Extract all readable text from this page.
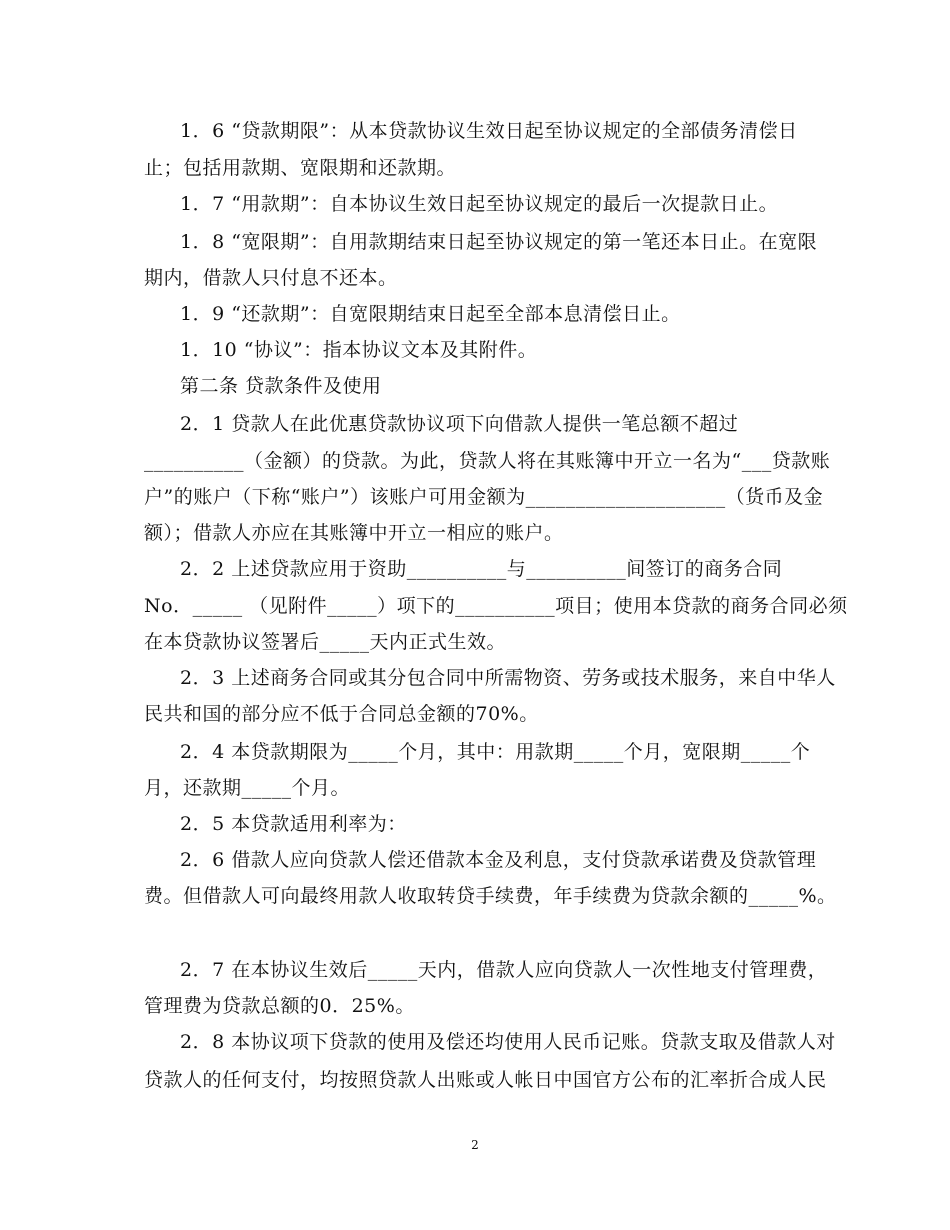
1．6 “贷款期限”：从本贷款协议生效日起至协议规定的全部债务清偿日
止；包括用款期、宽限期和还款期。
1．7 “用款期”：自本协议生效日起至协议规定的最后一次提款日止。
1．8 “宽限期”：自用款期结束日起至协议规定的第一笔还本日止。在宽限
期内，借款人只付息不还本。
1．9 “还款期”：自宽限期结束日起至全部本息清偿日止。
1．10 “协议”：指本协议文本及其附件。
第二条 贷款条件及使用
2．1 贷款人在此优惠贷款协议项下向借款人提供一笔总额不超过
__________（金额）的贷款。为此，贷款人将在其账簿中开立一名为“___贷款账
户”的账户（下称“账户”）该账户可用金额为____________________（货币及金
额）；借款人亦应在其账簿中开立一相应的账户。
2．2 上述贷款应用于资助__________与__________间签订的商务合同
No．_____ （见附件_____）项下的__________项目；使用本贷款的商务合同必须
在本贷款协议签署后_____天内正式生效。
2．3 上述商务合同或其分包合同中所需物资、劳务或技术服务，来自中华人
民共和国的部分应不低于合同总金额的70%。
2．4 本贷款期限为_____个月，其中：用款期_____个月，宽限期_____个
月，还款期_____个月。
2．5 本贷款适用利率为：
2．6 借款人应向贷款人偿还借款本金及利息，支付贷款承诺费及贷款管理
费。但借款人可向最终用款人收取转贷手续费，年手续费为贷款余额的_____%。
2．7 在本协议生效后_____天内，借款人应向贷款人一次性地支付管理费，
管理费为贷款总额的0．25%。
2．8 本协议项下贷款的使用及偿还均使用人民币记账。贷款支取及借款人对
贷款人的任何支付，均按照贷款人出账或人帐日中国官方公布的汇率折合成人民
2
